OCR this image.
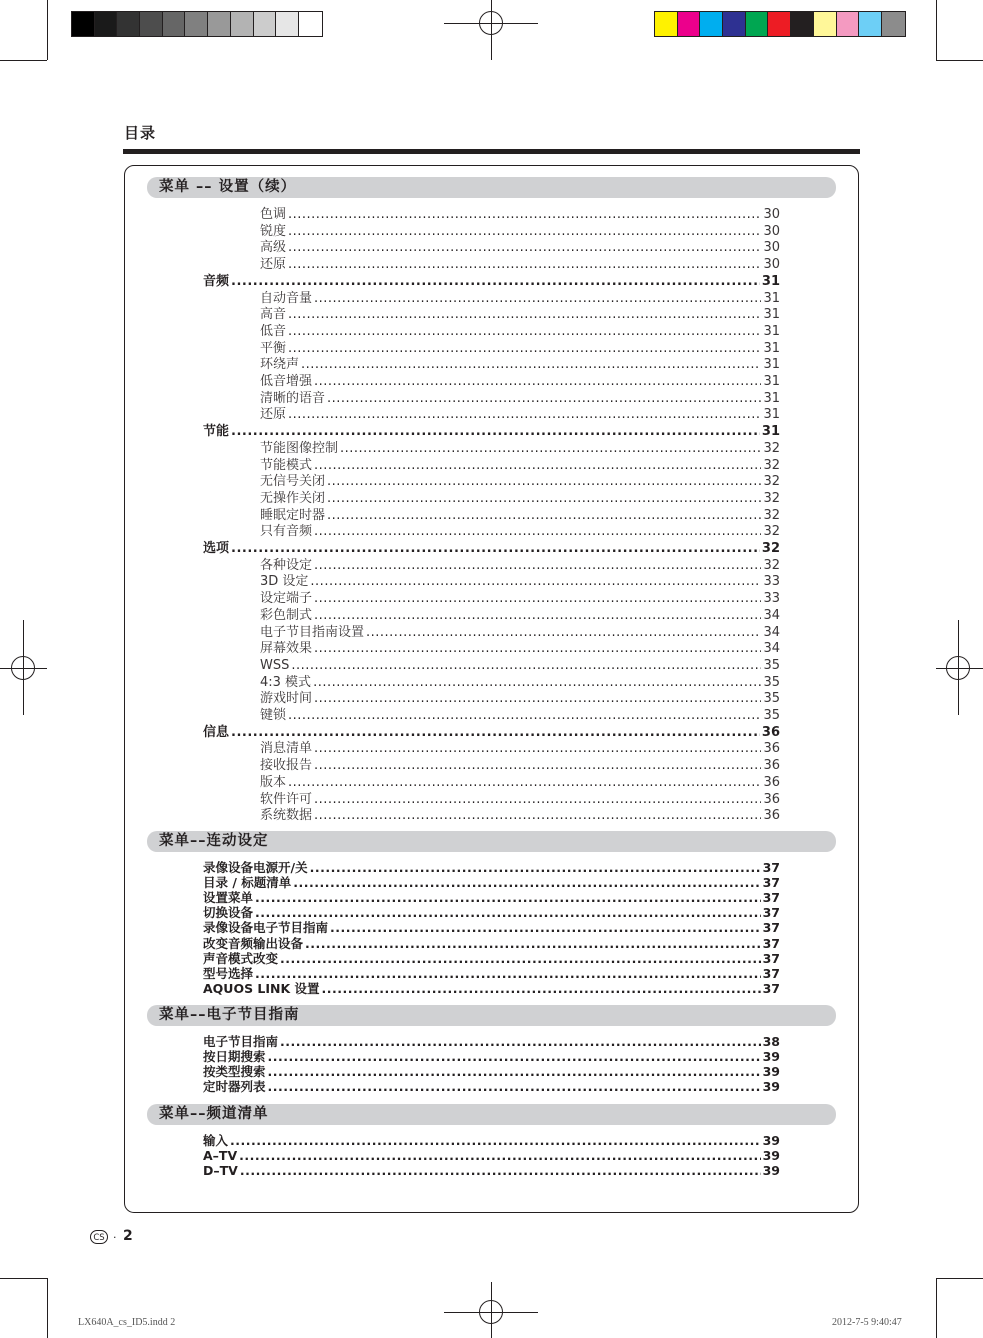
目录
菜单 –– 设置（续）
色调 .....	30
锐度 .....	30
高级 .....	30
还原 .....	30
音频 .....	31
自动音量 .....	31
高音 .....	31
低音 .....	31
平衡 .....	31
环绕声 .....	31
低音增强 .....	31
清晰的语音 .....	31
还原 .....	31
节能 .....	31
节能图像控制 .....	32
节能模式 .....	32
无信号关闭 .....	32
无操作关闭 .....	32
睡眠定时器 .....	32
只有音频 .....	32
选项 .....	32
各种设定 .....	32
3D 设定 .....	33
设定端子 .....	33
彩色制式 .....	34
电子节目指南设置 .....	34
屏幕效果 .....	34
WSS .....	35
4:3 模式 .....	35
游戏时间 .....	35
键锁 .....	35
信息 .....	36
消息清单 .....	36
接收报告 .....	36
版本 .....	36
软件许可 .....	36
系统数据 .....	36
菜单––连动设定
录像设备电源开/关 .....	37
目录 / 标题清单 .....	37
设置菜单 .....	37
切换设备 .....	37
录像设备电子节目指南 .....	37
改变音频输出设备 .....	37
声音模式改变 .....	37
型号选择 .....	37
AQUOS LINK 设置 .....	37
菜单––电子节目指南
电子节目指南 .....	38
按日期搜索 .....	39
按类型搜索 .....	39
定时器列表 .....	39
菜单––频道清单
输入 .....	39
A–TV .....	39
D–TV .....	39
CS · 2
LX640A_cs_ID5.indd 2	2012-7-5 9:40:47
